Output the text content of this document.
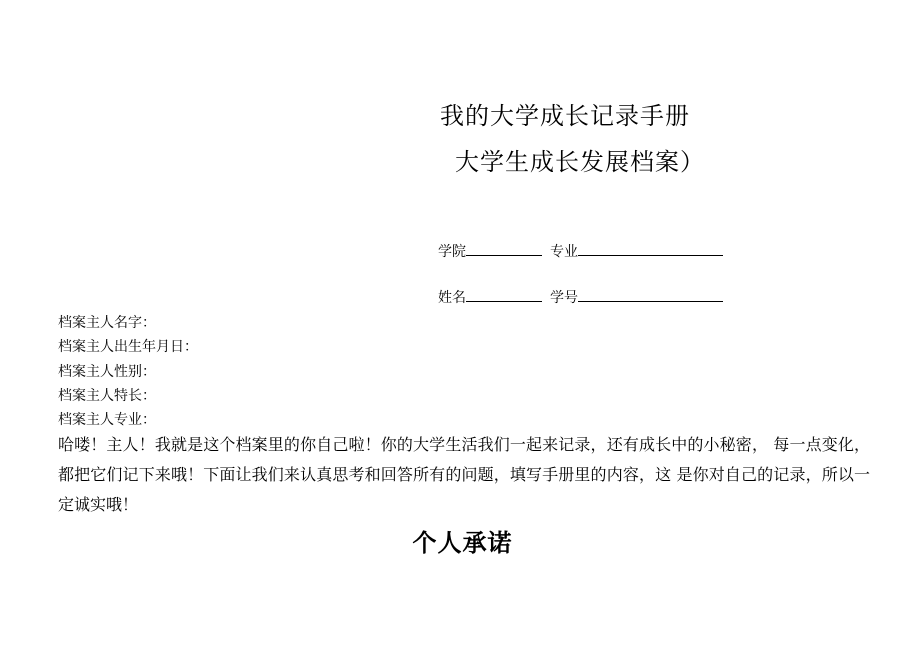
我的大学成长记录手册
大学生成长发展档案）
学院	专业
姓名	学号
档案主人名字：
档案主人出生年月日：
档案主人性别：
档案主人特长：
档案主人专业：
哈喽！主人！我就是这个档案里的你自己啦！你的大学生活我们一起来记录，还有成长中的小秘密， 每一点变化，都把它们记下来哦！下面让我们来认真思考和回答所有的问题，填写手册里的内容，这 是你对自己的记录，所以一定诚实哦！
个人承诺
